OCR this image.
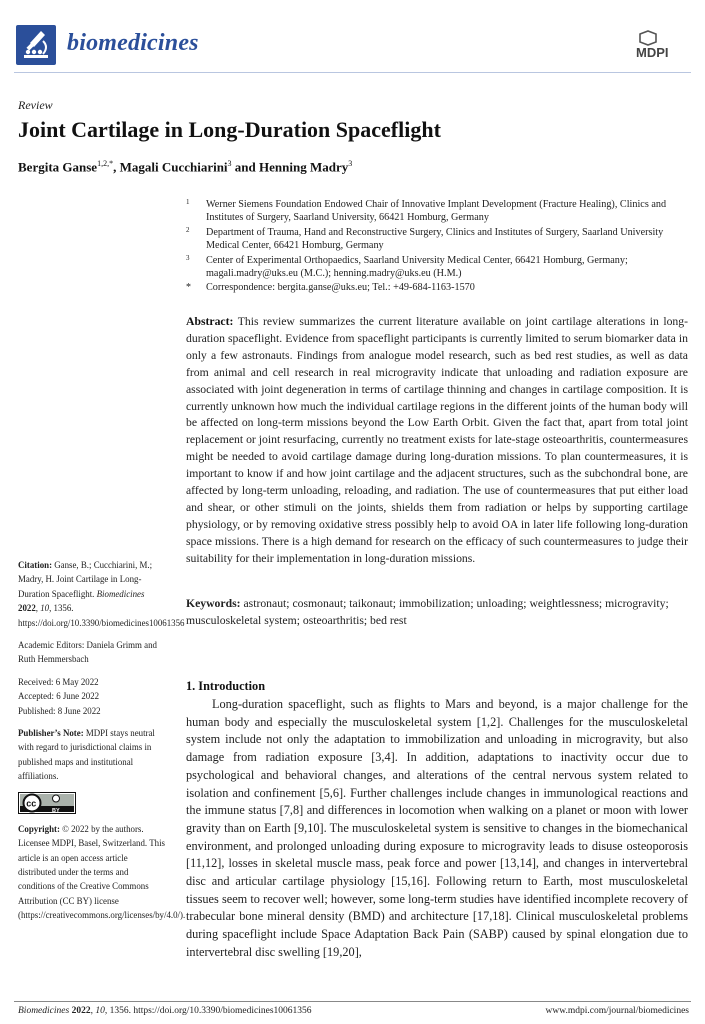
biomedicines	MDPI
Review
Joint Cartilage in Long-Duration Spaceflight
Bergita Ganse$^{1,2,*}$, Magali Cucchiarini$^3$ and Henning Madry$^3$
1 Werner Siemens Foundation Endowed Chair of Innovative Implant Development (Fracture Healing), Clinics and Institutes of Surgery, Saarland University, 66421 Homburg, Germany
2 Department of Trauma, Hand and Reconstructive Surgery, Clinics and Institutes of Surgery, Saarland University Medical Center, 66421 Homburg, Germany
3 Center of Experimental Orthopaedics, Saarland University Medical Center, 66421 Homburg, Germany; magali.madry@uks.eu (M.C.); henning.madry@uks.eu (H.M.)
* Correspondence: bergita.ganse@uks.eu; Tel.: +49-684-1163-1570
Abstract: This review summarizes the current literature available on joint cartilage alterations in long-duration spaceflight. Evidence from spaceflight participants is currently limited to serum biomarker data in only a few astronauts. Findings from analogue model research, such as bed rest studies, as well as data from animal and cell research in real microgravity indicate that unloading and radiation exposure are associated with joint degeneration in terms of cartilage thinning and changes in cartilage composition. It is currently unknown how much the individual cartilage regions in the different joints of the human body will be affected on long-term missions beyond the Low Earth Orbit. Given the fact that, apart from total joint replacement or joint resurfacing, currently no treatment exists for late-stage osteoarthritis, countermeasures might be needed to avoid cartilage damage during long-duration missions. To plan countermeasures, it is important to know if and how joint cartilage and the adjacent structures, such as the subchondral bone, are affected by long-term unloading, reloading, and radiation. The use of countermeasures that put either load and shear, or other stimuli on the joints, shields them from radiation or helps by supporting cartilage physiology, or by removing oxidative stress possibly help to avoid OA in later life following long-duration space missions. There is a high demand for research on the efficacy of such countermeasures to judge their suitability for their implementation in long-duration missions.
Keywords: astronaut; cosmonaut; taikonaut; immobilization; unloading; weightlessness; microgravity; musculoskeletal system; osteoarthritis; bed rest

Citation: Ganse, B.; Cucchiarini, M.; Madry, H. Joint Cartilage in Long-Duration Spaceflight. Biomedicines 2022, 10, 1356. https://doi.org/10.3390/biomedicines10061356

Academic Editors: Daniela Grimm and Ruth Hemmersbach

Received: 6 May 2022
Accepted: 6 June 2022
Published: 8 June 2022

Publisher’s Note: MDPI stays neutral with regard to jurisdictional claims in published maps and institutional affiliations.

cc
BY

Copyright: © 2022 by the authors. Licensee MDPI, Basel, Switzerland. This article is an open access article distributed under the terms and conditions of the Creative Commons Attribution (CC BY) license (https://creativecommons.org/licenses/by/4.0/).

1. Introduction
Long-duration spaceflight, such as flights to Mars and beyond, is a major challenge for the human body and especially the musculoskeletal system [1,2]. Challenges for the musculoskeletal system include not only the adaptation to immobilization and unloading in microgravity, but also damage from radiation exposure [3,4]. In addition, adaptations to inactivity occur due to psychological and behavioral changes, and alterations of the central nervous system related to isolation and confinement [5,6]. Further challenges include changes in immunological reactions and the immune status [7,8] and differences in locomotion when walking on a planet or moon with lower gravity than on Earth [9,10]. The musculoskeletal system is sensitive to changes in the biomechanical environment, and prolonged unloading during exposure to microgravity leads to disuse osteoporosis [11,12], losses in skeletal muscle mass, peak force and power [13,14], and changes in intervertebral disc and articular cartilage physiology [15,16]. Following return to Earth, most musculoskeletal tissues seem to recover well; however, some long-term studies have identified incomplete recovery of trabecular bone mineral density (BMD) and architecture [17,18]. Clinical musculoskeletal problems during spaceflight include Space Adaptation Back Pain (SABP) caused by spinal elongation due to intervertebral disc swelling [19,20],
Biomedicines 2022, 10, 1356. https://doi.org/10.3390/biomedicines10061356	www.mdpi.com/journal/biomedicines
